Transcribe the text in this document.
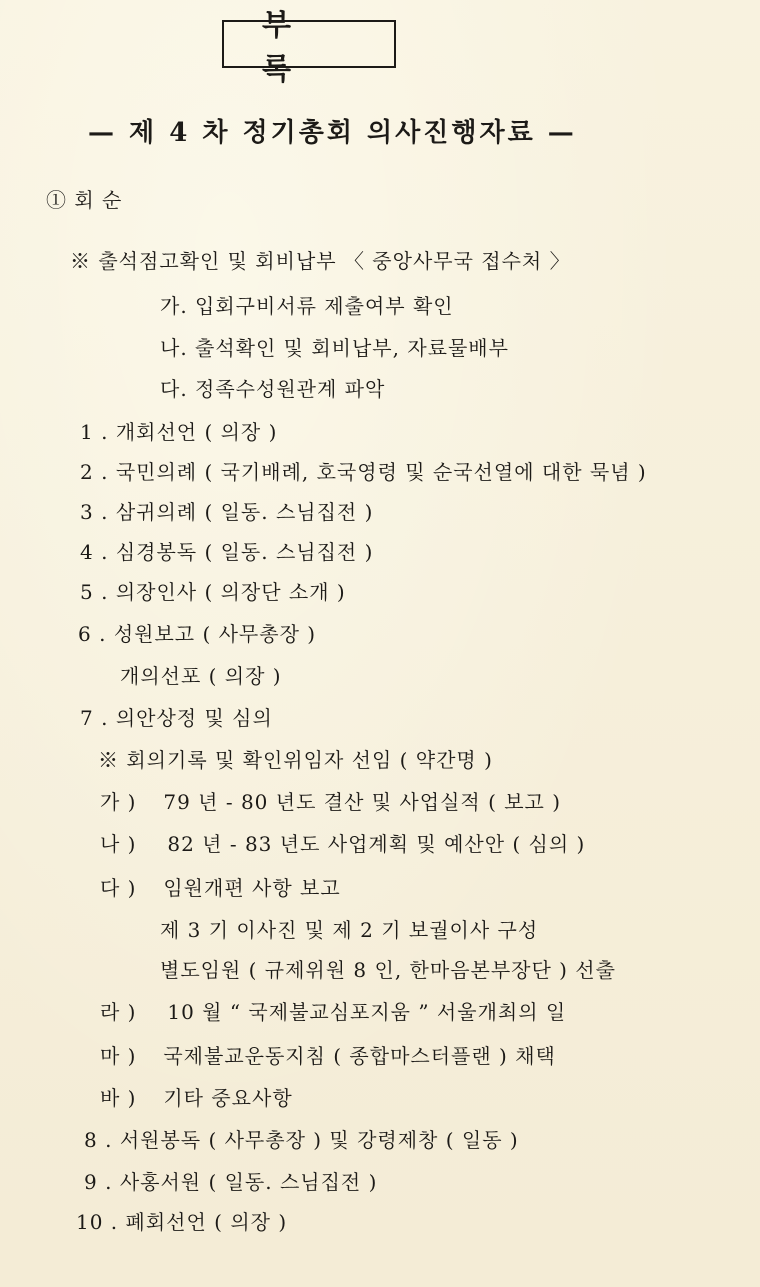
부 록
— 제 4 차 정기총회 의사진행자료 —
① 회 순
※ 출석점고확인 및 회비납부 〈 중앙사무국 접수처 〉
가. 입회구비서류 제출여부 확인
나. 출석확인 및 회비납부, 자료물배부
다. 정족수성원관계 파악
1 . 개회선언 ( 의장 )
2 . 국민의례 ( 국기배례, 호국영령 및 순국선열에 대한 묵념 )
3 . 삼귀의례 ( 일동. 스님집전 )
4 . 심경봉독 ( 일동. 스님집전 )
5 . 의장인사 ( 의장단 소개 )
6 . 성원보고 ( 사무총장 )
개의선포 ( 의장 )
7 . 의안상정 및 심의
※ 회의기록 및 확인위임자 선임 ( 약간명 )
가 ) 79 년 - 80 년도 결산 및 사업실적 ( 보고 )
나 ) 82 년 - 83 년도 사업계획 및 예산안 ( 심의 )
다 ) 임원개편 사항 보고
제 3 기 이사진 및 제 2 기 보궐이사 구성
별도임원 ( 규제위원 8 인, 한마음본부장단 ) 선출
라 ) 10 월 “ 국제불교심포지움 ” 서울개최의 일
마 ) 국제불교운동지침 ( 종합마스터플랜 ) 채택
바 ) 기타 중요사항
8 . 서원봉독 ( 사무총장 ) 및 강령제창 ( 일동 )
9 . 사홍서원 ( 일동. 스님집전 )
10 . 폐회선언 ( 의장 )
